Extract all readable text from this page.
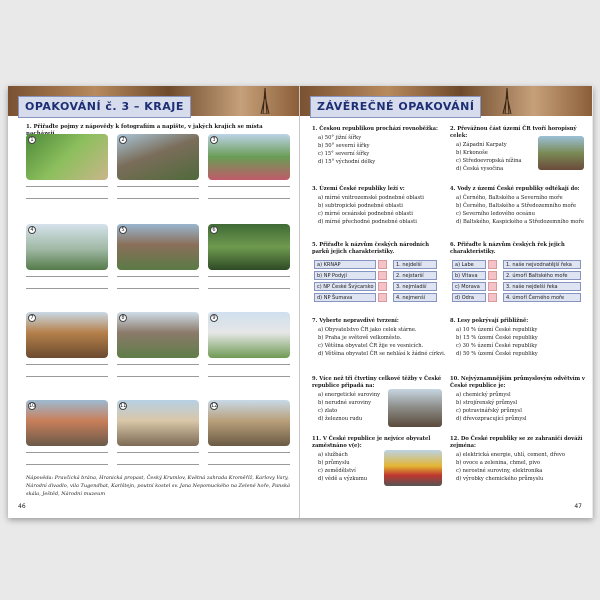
OPAKOVÁNÍ č. 3 – KRAJE
1. Přiřaďte pojmy z nápovědy k fotografiím a napište, v jakých krajích se místa
1	2	3
4	5	6
7	8	9
10	11	12
Nápověda: Pravčická brána, Hranická propast, Český Krumlov, Květná zahrada Kroměříž, Karlovy Vary, Národní divadlo, vila Tugendhat, Karlštejn, poutní kostel sv. Jana Nepomuckého na Zelené hoře, Panská skála, Ještěd, Národní muzeum
46
ZÁVĚREČNÉ OPAKOVÁNÍ
1. Českou republikou prochází rovnoběžka:
a) 50° jižní šířky
b) 50° severní šířky
c) 15° severní šířky
d) 15° východní délky
2. Převážnou část území ČR tvoří horopisný celek:
a) Západní Karpaty
b) Krkonoše
c) Středoevropská nížina
d) Česká vysočina
3. Území České republiky leží v:
a) mírné vnitrozemské podnebné oblasti
b) subtropické podnebné oblasti
c) mírné oceánské podnebné oblasti
d) mírné přechodné podnebné oblasti
4. Vody z území České republiky odtékají do:
a) Černého, Baltského a Severního moře
b) Černého, Baltského a Středozemního moře
c) Severního ledového oceánu
d) Baltského, Kaspického a Středozemního moře
5. Přiřaďte k názvům českých národních parků jejich charakteristiky.
a) KRNAP	1. nejdelší
b) NP Podyjí	2. nejstarší
c) NP České Švýcarsko	3. nejmladší
d) NP Šumava	4. nejmenší
6. Přiřaďte k názvům českých řek jejich charakteristiky.
a) Labe	1. naše nejvodnatější řeka
b) Vltava	2. úmoří Baltského moře
c) Morava	3. naše nejdelší řeka
d) Odra	4. úmoří Černého moře
7. Vyberte nepravdivé tvrzení:
a) Obyvatelstvo ČR jako celek stárne.
b) Praha je světově velkoměsto.
c) Většina obyvatel ČR žije ve vesnicích.
d) Většina obyvatel ČR se nehlásí k žádné církvi.
8. Lesy pokrývají přibližně:
a) 10 % území České republiky
b) 15 % území České republiky
c) 30 % území České republiky
d) 50 % území České republiky
9. Více než tři čtvrtiny celkové těžby v České republice připadá na:
a) energetické suroviny
b) nerudné suroviny
c) zlato
d) železnou rudu
10. Nejvýznamnějším průmyslovým odvětvím v České republice je:
a) chemický průmysl
b) strojírenský průmysl
c) potravinářský průmysl
d) dřevozpracující průmysl
11. V České republice je nejvíce obyvatel zaměstnáno v(e):
a) službách
b) průmyslu
c) zemědělství
d) vědě a výzkumu
12. Do České republiky se ze zahraničí dováží zejména:
a) elektrická energie, uhlí, cement, dřevo
b) ovoce a zelenina, chmel, pivo
c) nerostné suroviny, elektronika
d) výrobky chemického průmyslu
47
